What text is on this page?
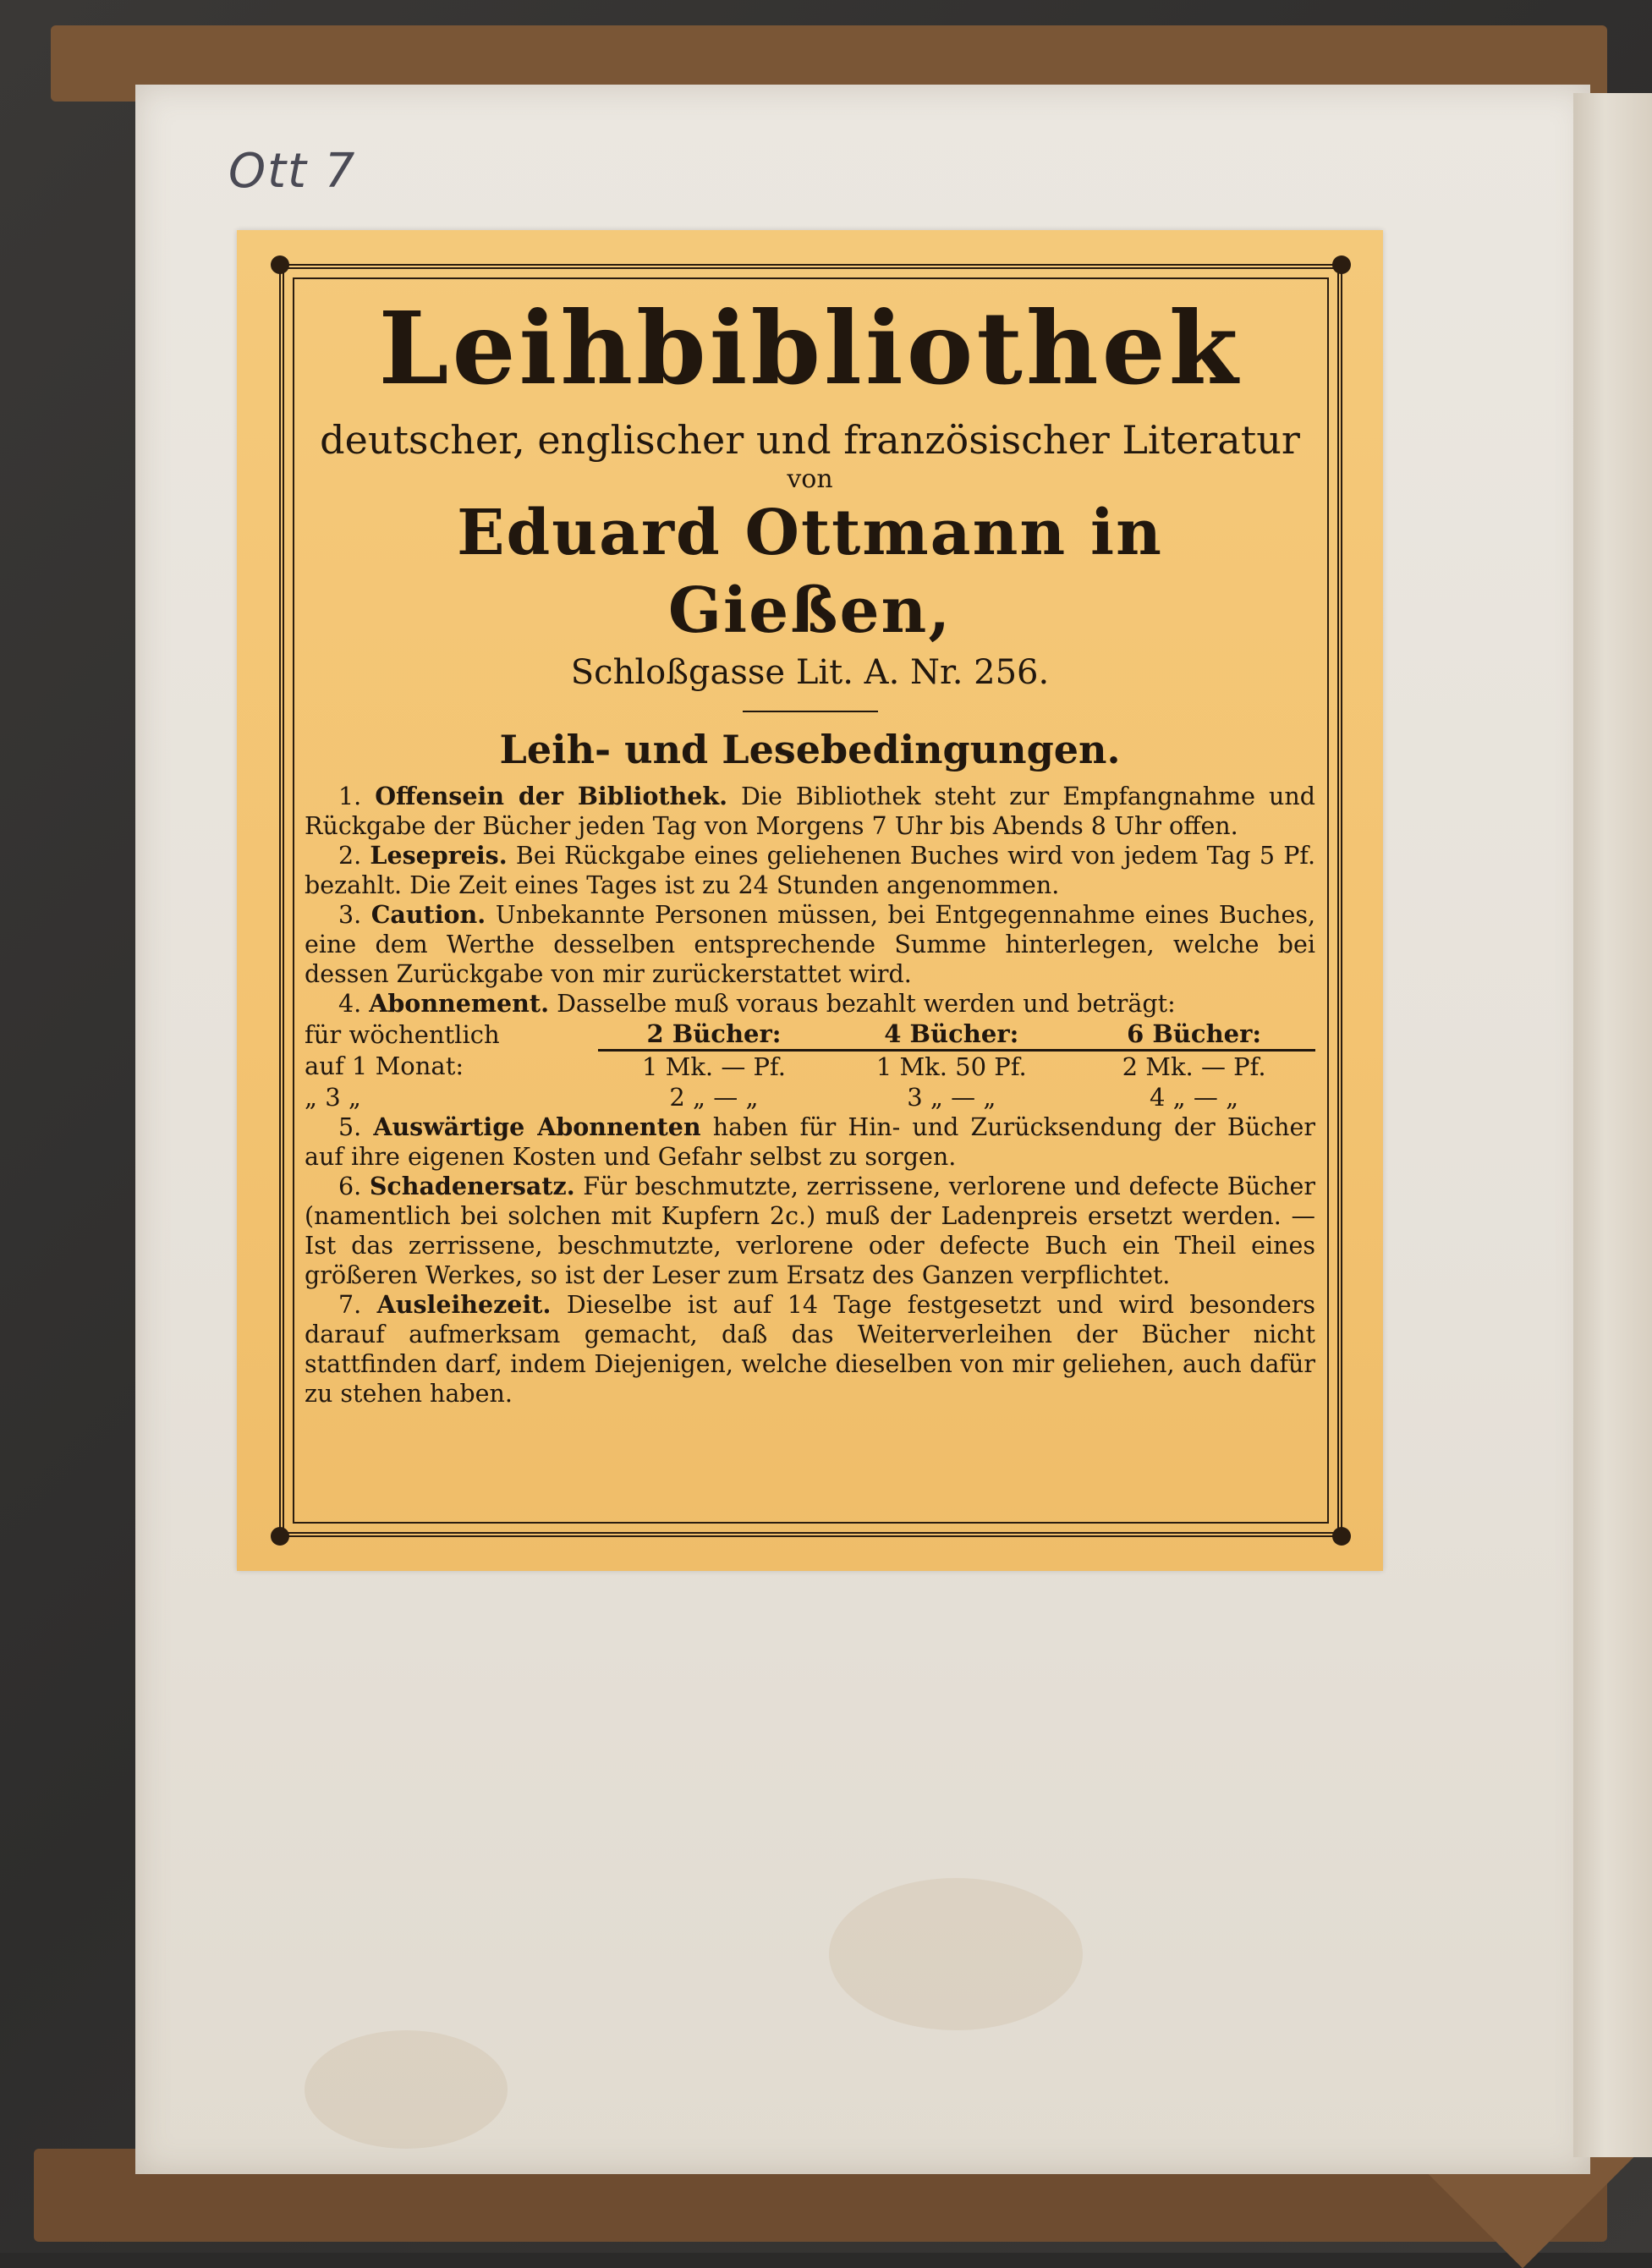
Ott 7
Leihbibliothek
deutscher, englischer und französischer Literatur
von
Eduard Ottmann in Gießen,
Schloßgasse Lit. A. Nr. 256.
Leih- und Lesebedingungen.

1. Offensein der Bibliothek. Die Bibliothek steht zur Empfangnahme und Rückgabe der Bücher jeden Tag von Morgens 7 Uhr bis Abends 8 Uhr offen.

2. Lesepreis. Bei Rückgabe eines geliehenen Buches wird von jedem Tag 5 Pf. bezahlt. Die Zeit eines Tages ist zu 24 Stunden angenommen.

3. Caution. Unbekannte Personen müssen, bei Entgegennahme eines Buches, eine dem Werthe desselben entsprechende Summe hinterlegen, welche bei dessen Zurückgabe von mir zurückerstattet wird.

4. Abonnement. Dasselbe muß voraus bezahlt werden und beträgt:

für wöchentlich	2 Bücher:	4 Bücher:	6 Bücher:
auf 1 Monat:	1 Mk. — Pf.	1 Mk. 50 Pf.	2 Mk. — Pf.
„ 3 „	2 „ — „	3 „ — „	4 „ — „

5. Auswärtige Abonnenten haben für Hin- und Zurücksendung der Bücher auf ihre eigenen Kosten und Gefahr selbst zu sorgen.

6. Schadenersatz. Für beschmutzte, zerrissene, verlorene und defecte Bücher (namentlich bei solchen mit Kupfern 2c.) muß der Ladenpreis ersetzt werden. — Ist das zerrissene, beschmutzte, verlorene oder defecte Buch ein Theil eines größeren Werkes, so ist der Leser zum Ersatz des Ganzen verpflichtet.

7. Ausleihezeit. Dieselbe ist auf 14 Tage festgesetzt und wird besonders darauf aufmerksam gemacht, daß das Weiterverleihen der Bücher nicht stattfinden darf, indem Diejenigen, welche dieselben von mir geliehen, auch dafür zu stehen haben.
